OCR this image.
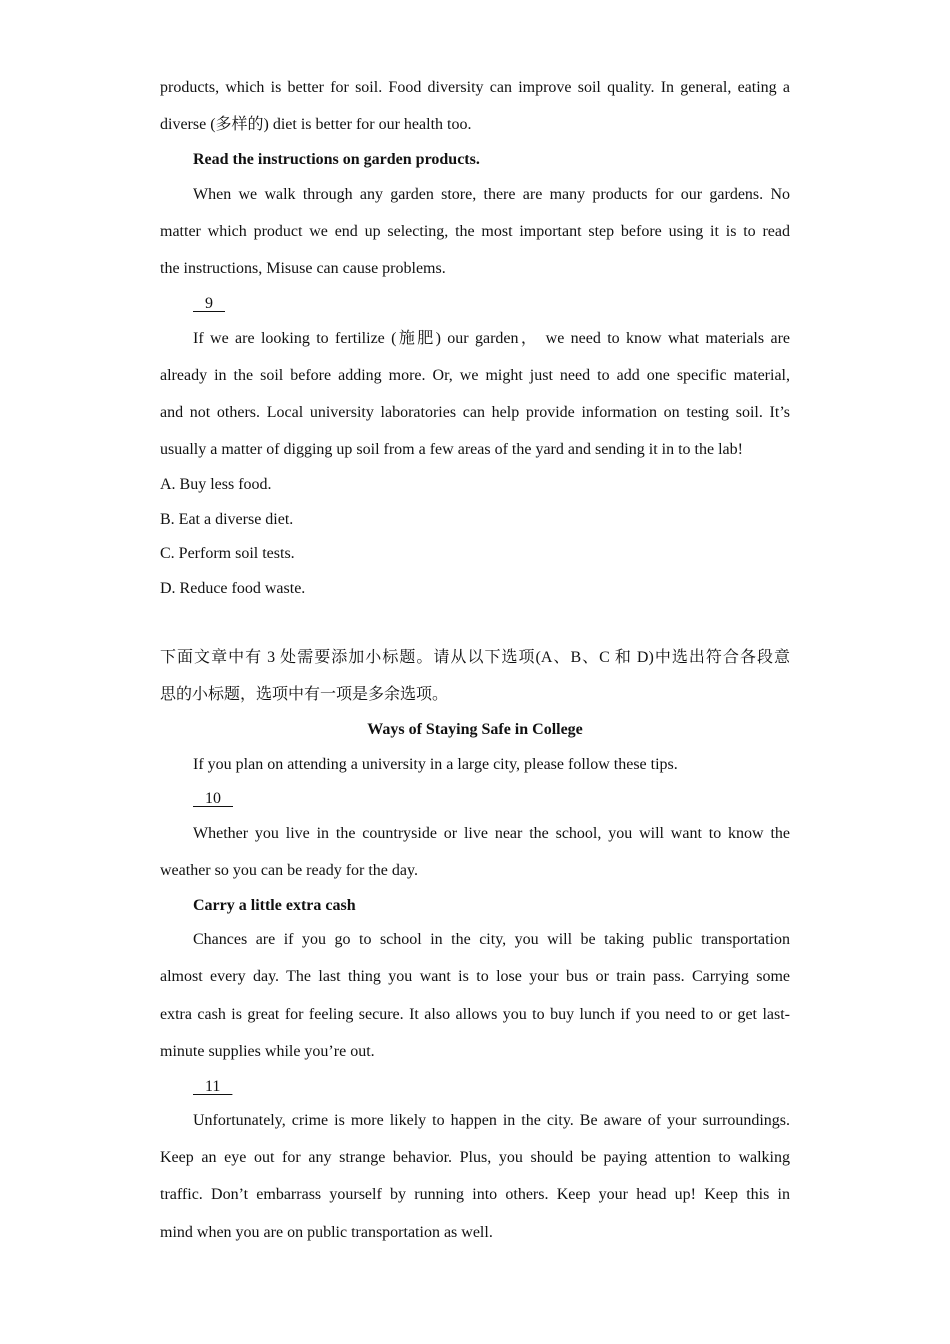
products, which is better for soil. Food diversity can improve soil quality. In general, eating a
diverse (多样的) diet is better for our health too.
Read the instructions on garden products.
When we walk through any garden store, there are many products for our gardens. No
matter which product we end up selecting, the most important step before using it is to read
the instructions, Misuse can cause problems.
9
If we are looking to fertilize (施肥) our garden， we need to know what materials are
already in the soil before adding more. Or, we might just need to add one specific material,
and not others. Local university laboratories can help provide information on testing soil. It’s
usually a matter of digging up soil from a few areas of the yard and sending it in to the lab!
A. Buy less food.
B. Eat a diverse diet.
C. Perform soil tests.
D. Reduce food waste.
下面文章中有 3 处需要添加小标题。请从以下选项(A、B、C 和 D)中选出符合各段意
思的小标题，选项中有一项是多余选项。
Ways of Staying Safe in College
If you plan on attending a university in a large city, please follow these tips.
10
Whether you live in the countryside or live near the school, you will want to know the
weather so you can be ready for the day.
Carry a little extra cash
Chances are if you go to school in the city, you will be taking public transportation
almost every day. The last thing you want is to lose your bus or train pass. Carrying some
extra cash is great for feeling secure. It also allows you to buy lunch if you need to or get last-
minute supplies while you’re out.
11
Unfortunately, crime is more likely to happen in the city. Be aware of your surroundings.
Keep an eye out for any strange behavior. Plus, you should be paying attention to walking
traffic. Don’t embarrass yourself by running into others. Keep your head up! Keep this in
mind when you are on public transportation as well.
